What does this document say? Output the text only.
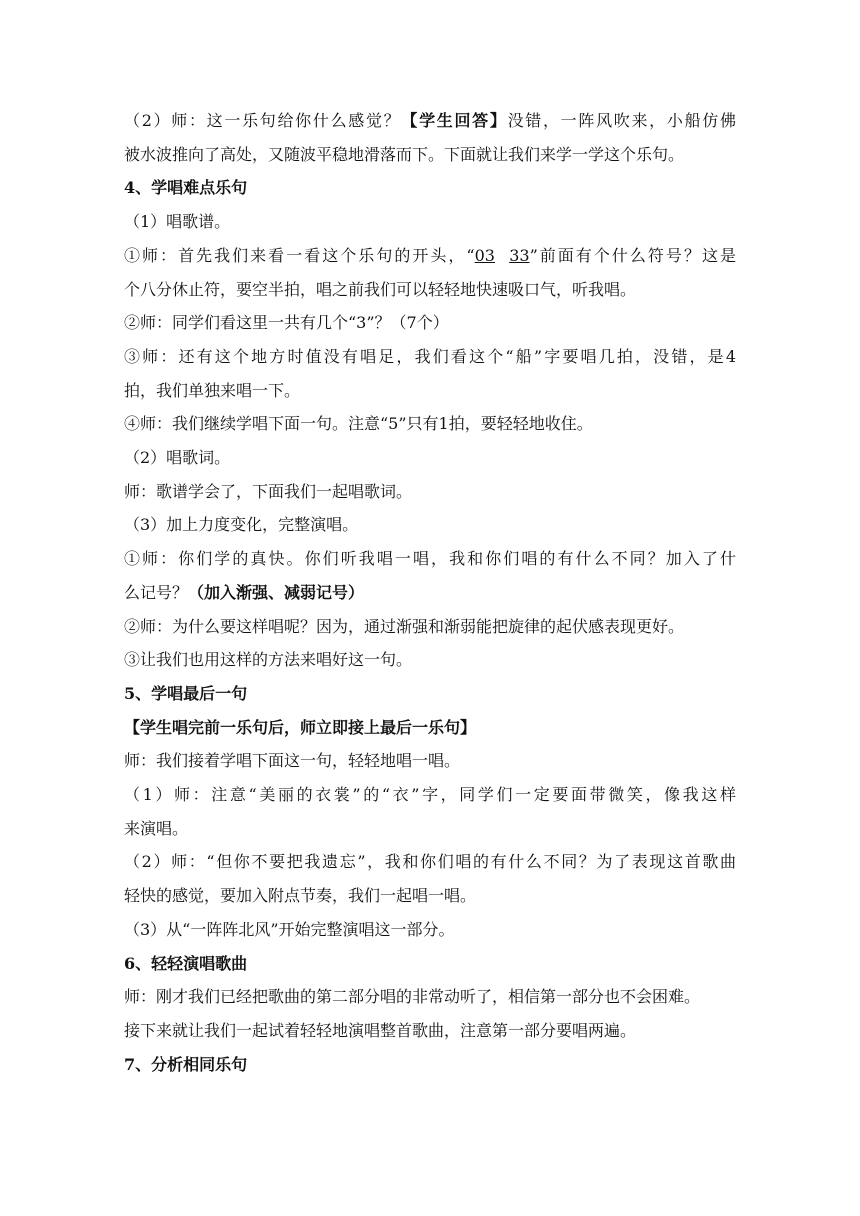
（2）师：这一乐句给你什么感觉？【学生回答】没错，一阵风吹来，小船仿佛
被水波推向了高处，又随波平稳地滑落而下。下面就让我们来学一学这个乐句。
4、学唱难点乐句
（1）唱歌谱。
①师：首先我们来看一看这个乐句的开头，“03 33”前面有个什么符号？这是
个八分休止符，要空半拍，唱之前我们可以轻轻地快速吸口气，听我唱。
②师：同学们看这里一共有几个“3”？（7个）
③师：还有这个地方时值没有唱足，我们看这个“船”字要唱几拍，没错，是4
拍，我们单独来唱一下。
④师：我们继续学唱下面一句。注意“5”只有1拍，要轻轻地收住。
（2）唱歌词。
师：歌谱学会了，下面我们一起唱歌词。
（3）加上力度变化，完整演唱。
①师：你们学的真快。你们听我唱一唱，我和你们唱的有什么不同？加入了什
么记号？（加入渐强、减弱记号）
②师：为什么要这样唱呢？因为，通过渐强和渐弱能把旋律的起伏感表现更好。
③让我们也用这样的方法来唱好这一句。
5、学唱最后一句
【学生唱完前一乐句后，师立即接上最后一乐句】
师：我们接着学唱下面这一句，轻轻地唱一唱。
（1）师：注意“美丽的衣裳”的“衣”字，同学们一定要面带微笑，像我这样
来演唱。
（2）师：“但你不要把我遗忘”，我和你们唱的有什么不同？为了表现这首歌曲
轻快的感觉，要加入附点节奏，我们一起唱一唱。
（3）从“一阵阵北风”开始完整演唱这一部分。
6、轻轻演唱歌曲
师：刚才我们已经把歌曲的第二部分唱的非常动听了，相信第一部分也不会困难。
接下来就让我们一起试着轻轻地演唱整首歌曲，注意第一部分要唱两遍。
7、分析相同乐句
